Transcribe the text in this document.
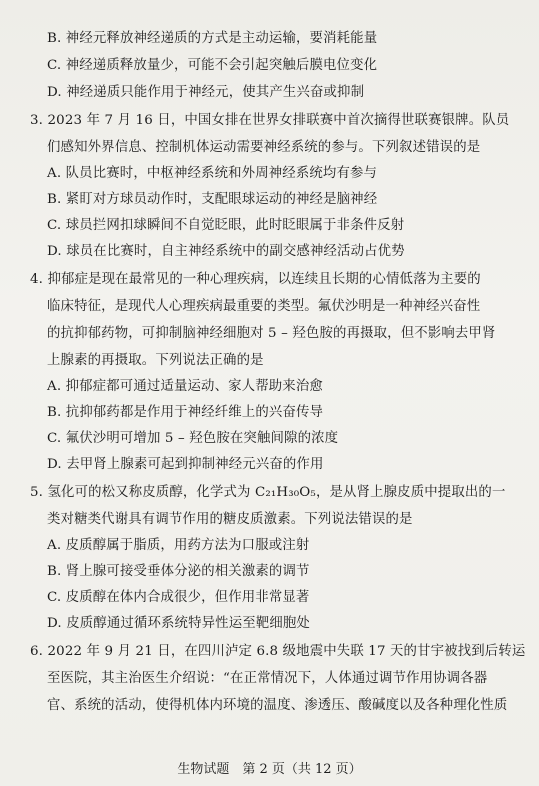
B. 神经元释放神经递质的方式是主动运输，要消耗能量
C. 神经递质释放量少，可能不会引起突触后膜电位变化
D. 神经递质只能作用于神经元，使其产生兴奋或抑制
3. 2023 年 7 月 16 日，中国女排在世界女排联赛中首次摘得世联赛银牌。队员
们感知外界信息、控制机体运动需要神经系统的参与。下列叙述错误的是
A. 队员比赛时，中枢神经系统和外周神经系统均有参与
B. 紧盯对方球员动作时，支配眼球运动的神经是脑神经
C. 球员拦网扣球瞬间不自觉眨眼，此时眨眼属于非条件反射
D. 球员在比赛时，自主神经系统中的副交感神经活动占优势
4. 抑郁症是现在最常见的一种心理疾病，以连续且长期的心情低落为主要的
临床特征，是现代人心理疾病最重要的类型。氟伏沙明是一种神经兴奋性
的抗抑郁药物，可抑制脑神经细胞对 5 – 羟色胺的再摄取，但不影响去甲肾
上腺素的再摄取。下列说法正确的是
A. 抑郁症都可通过适量运动、家人帮助来治愈
B. 抗抑郁药都是作用于神经纤维上的兴奋传导
C. 氟伏沙明可增加 5 – 羟色胺在突触间隙的浓度
D. 去甲肾上腺素可起到抑制神经元兴奋的作用
5. 氢化可的松又称皮质醇，化学式为 C₂₁H₃₀O₅，是从肾上腺皮质中提取出的一
类对糖类代谢具有调节作用的糖皮质激素。下列说法错误的是
A. 皮质醇属于脂质，用药方法为口服或注射
B. 肾上腺可接受垂体分泌的相关激素的调节
C. 皮质醇在体内合成很少，但作用非常显著
D. 皮质醇通过循环系统特异性运至靶细胞处
生物试题　第 2 页（共 12 页）
6. 2022 年 9 月 21 日，在四川泸定 6.8 级地震中失联 17 天的甘宇被找到后转运
至医院，其主治医生介绍说：“在正常情况下，人体通过调节作用协调各器
官、系统的活动，使得机体内环境的温度、渗透压、酸碱度以及各种理化性质
